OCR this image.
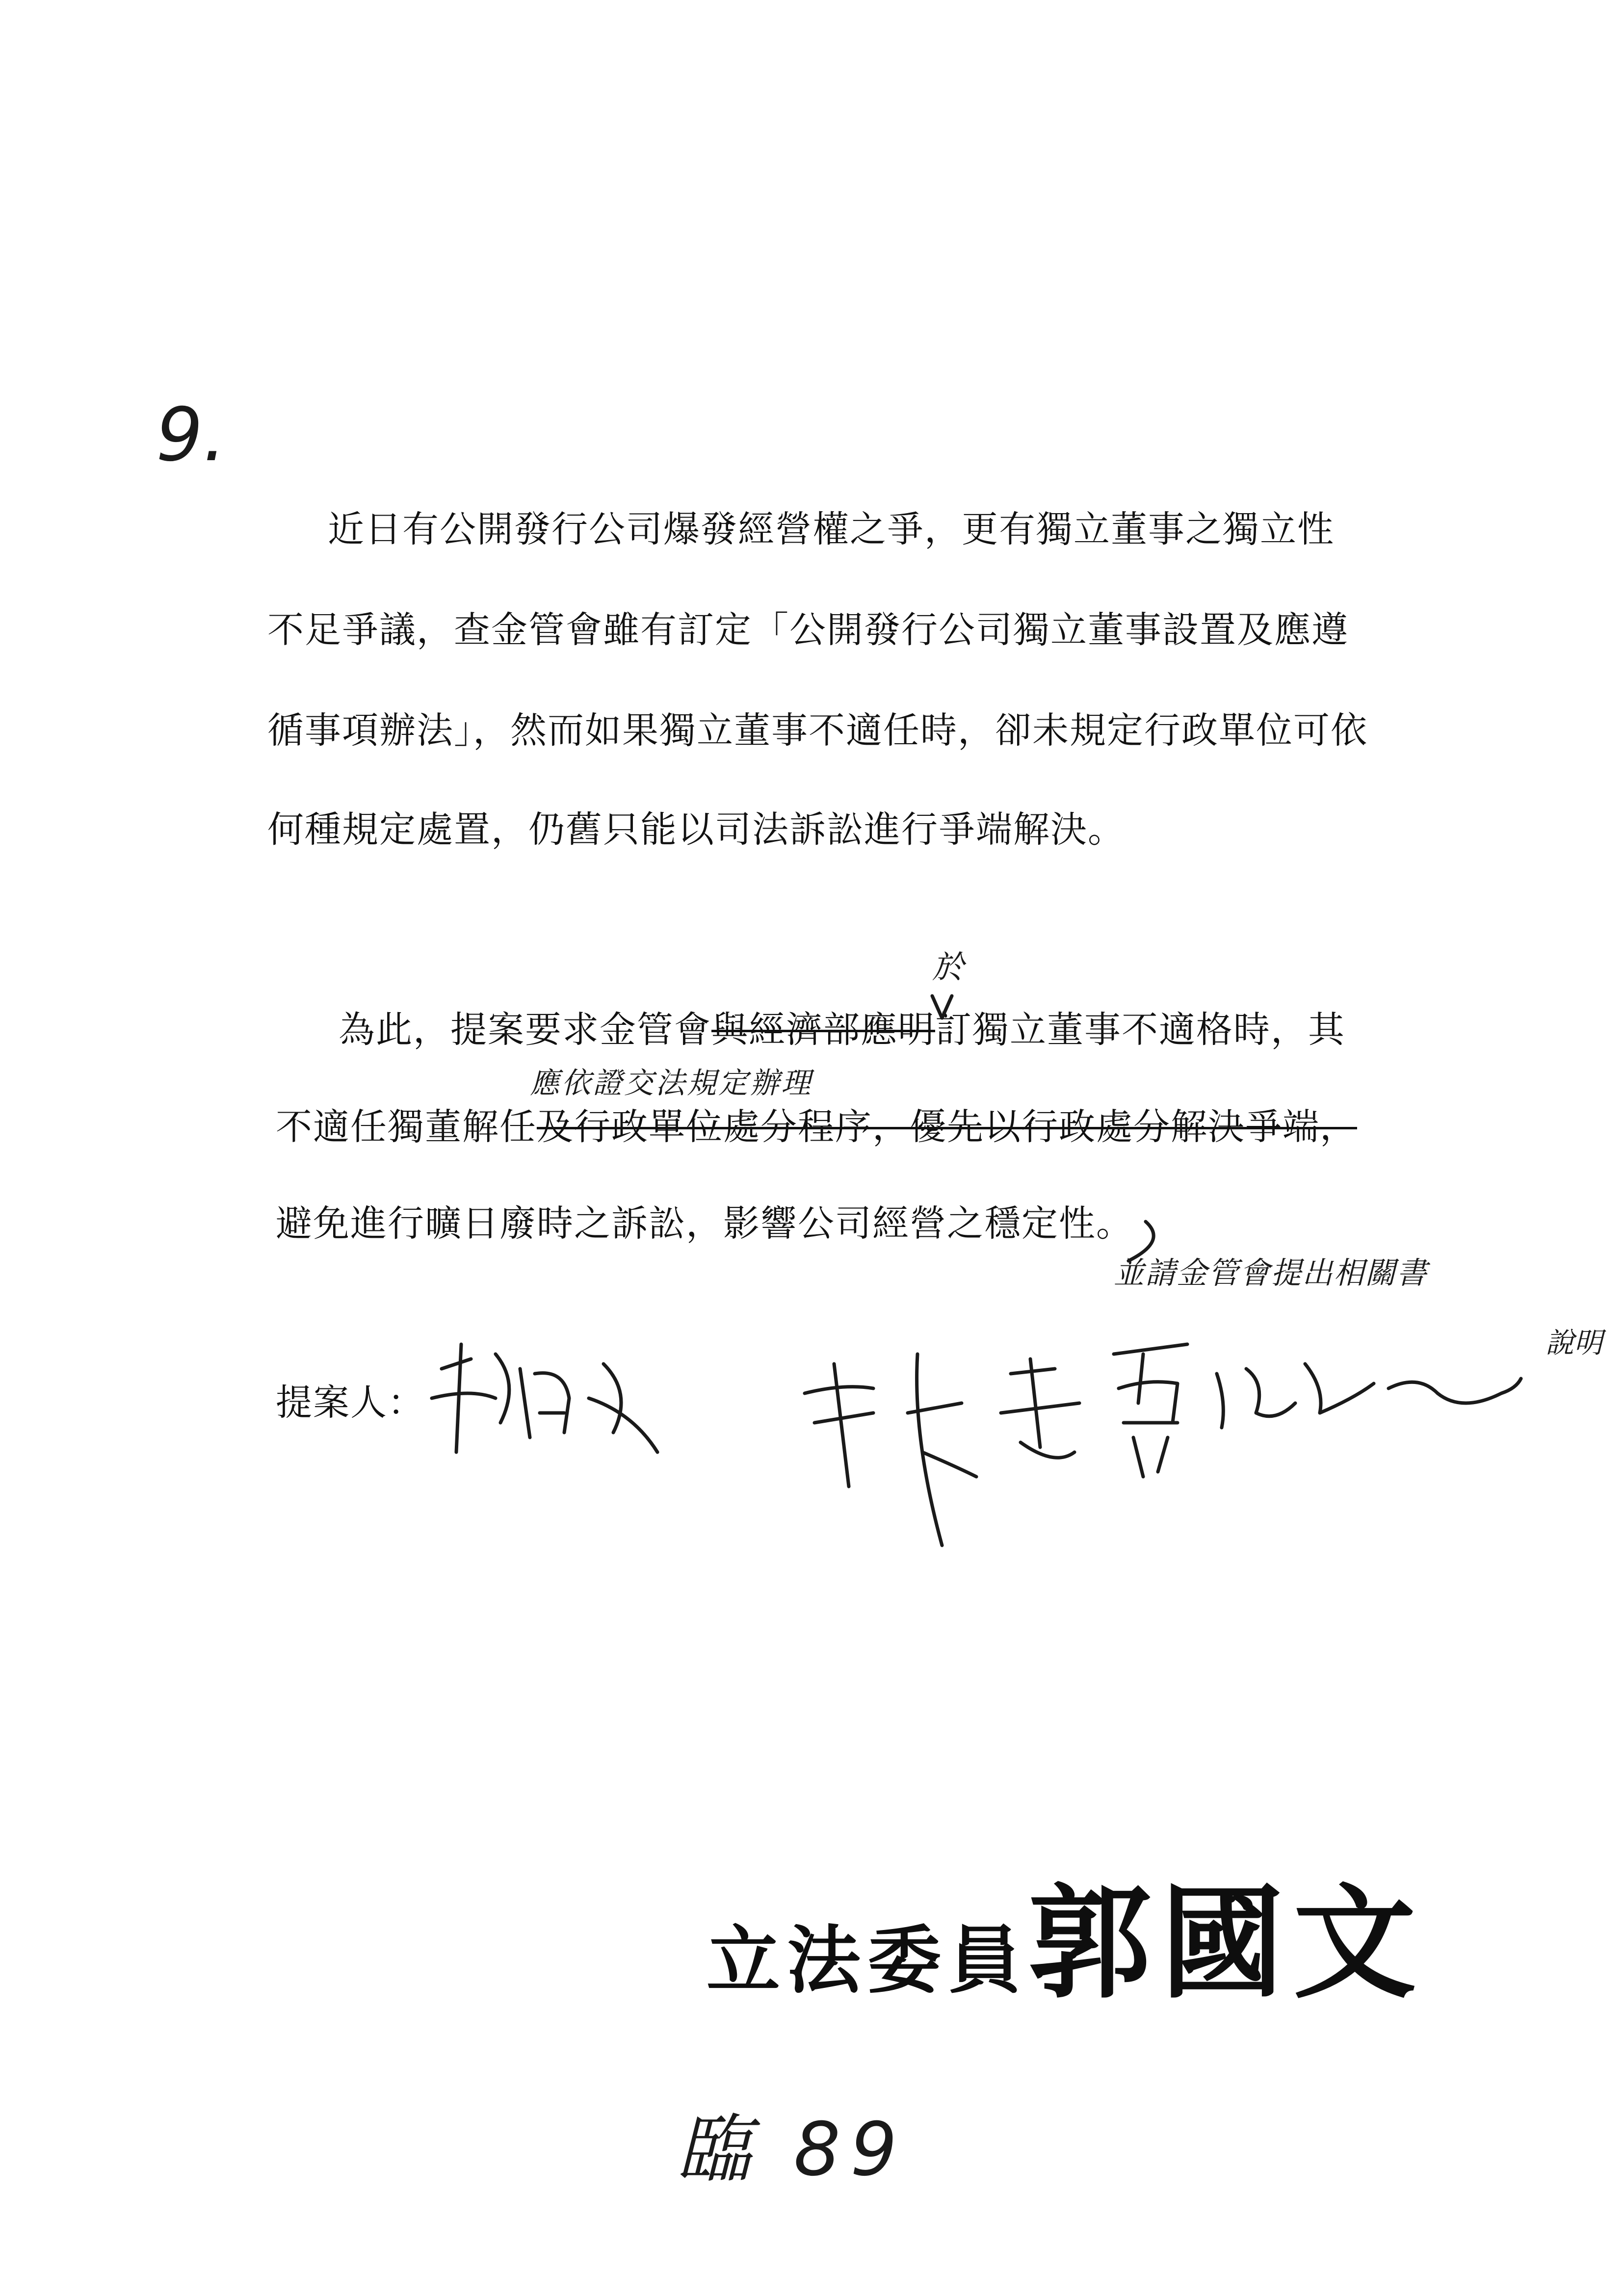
9.
近日有公開發行公司爆發經營權之爭，更有獨立董事之獨立性
不足爭議，查金管會雖有訂定「公開發行公司獨立董事設置及應遵
循事項辦法」，然而如果獨立董事不適任時，卻未規定行政單位可依
何種規定處置，仍舊只能以司法訴訟進行爭端解決。
於
為此，提案要求金管會與經濟部應明訂獨立董事不適格時，其
應依證交法規定辦理
不適任獨董解任及行政單位處分程序，優先以行政處分解決爭端，
避免進行曠日廢時之訴訟，影響公司經營之穩定性。
並請金管會提出相關書
說明
提案人：
立法委員郭國文
臨 89
